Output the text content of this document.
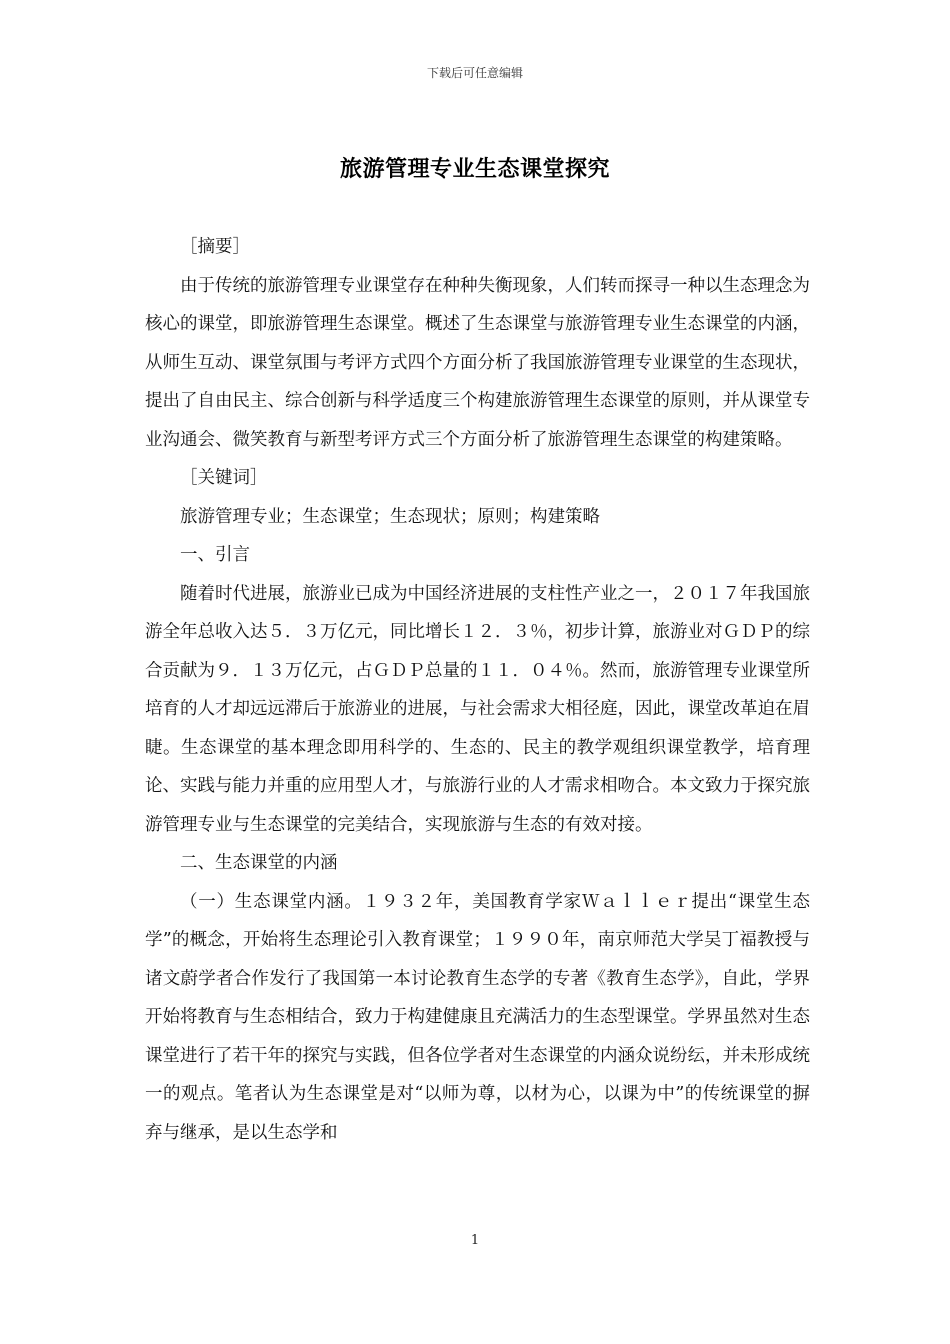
下载后可任意编辑
旅游管理专业生态课堂探究

［摘要］

由于传统的旅游管理专业课堂存在种种失衡现象，人们转而探寻一种以生态理念为核心的课堂，即旅游管理生态课堂。概述了生态课堂与旅游管理专业生态课堂的内涵，从师生互动、课堂氛围与考评方式四个方面分析了我国旅游管理专业课堂的生态现状，提出了自由民主、综合创新与科学适度三个构建旅游管理生态课堂的原则，并从课堂专业沟通会、微笑教育与新型考评方式三个方面分析了旅游管理生态课堂的构建策略。

［关键词］

旅游管理专业；生态课堂；生态现状；原则；构建策略

一、引言

随着时代进展，旅游业已成为中国经济进展的支柱性产业之一，２０１７年我国旅游全年总收入达５．３万亿元，同比增长１２．３％，初步计算，旅游业对ＧＤＰ的综合贡献为９．１３万亿元，占ＧＤＰ总量的１１．０４％。然而，旅游管理专业课堂所培育的人才却远远滞后于旅游业的进展，与社会需求大相径庭，因此，课堂改革迫在眉睫。生态课堂的基本理念即用科学的、生态的、民主的教学观组织课堂教学，培育理论、实践与能力并重的应用型人才，与旅游行业的人才需求相吻合。本文致力于探究旅游管理专业与生态课堂的完美结合，实现旅游与生态的有效对接。

二、生态课堂的内涵

（一）生态课堂内涵。１９３２年，美国教育学家Ｗａｌｌｅｒ提出“课堂生态学”的概念，开始将生态理论引入教育课堂；１９９０年，南京师范大学吴丁福教授与诸文蔚学者合作发行了我国第一本讨论教育生态学的专著《教育生态学》，自此，学界开始将教育与生态相结合，致力于构建健康且充满活力的生态型课堂。学界虽然对生态课堂进行了若干年的探究与实践，但各位学者对生态课堂的内涵众说纷纭，并未形成统一的观点。笔者认为生态课堂是对“以师为尊，以材为心，以课为中”的传统课堂的摒弃与继承，是以生态学和

1
